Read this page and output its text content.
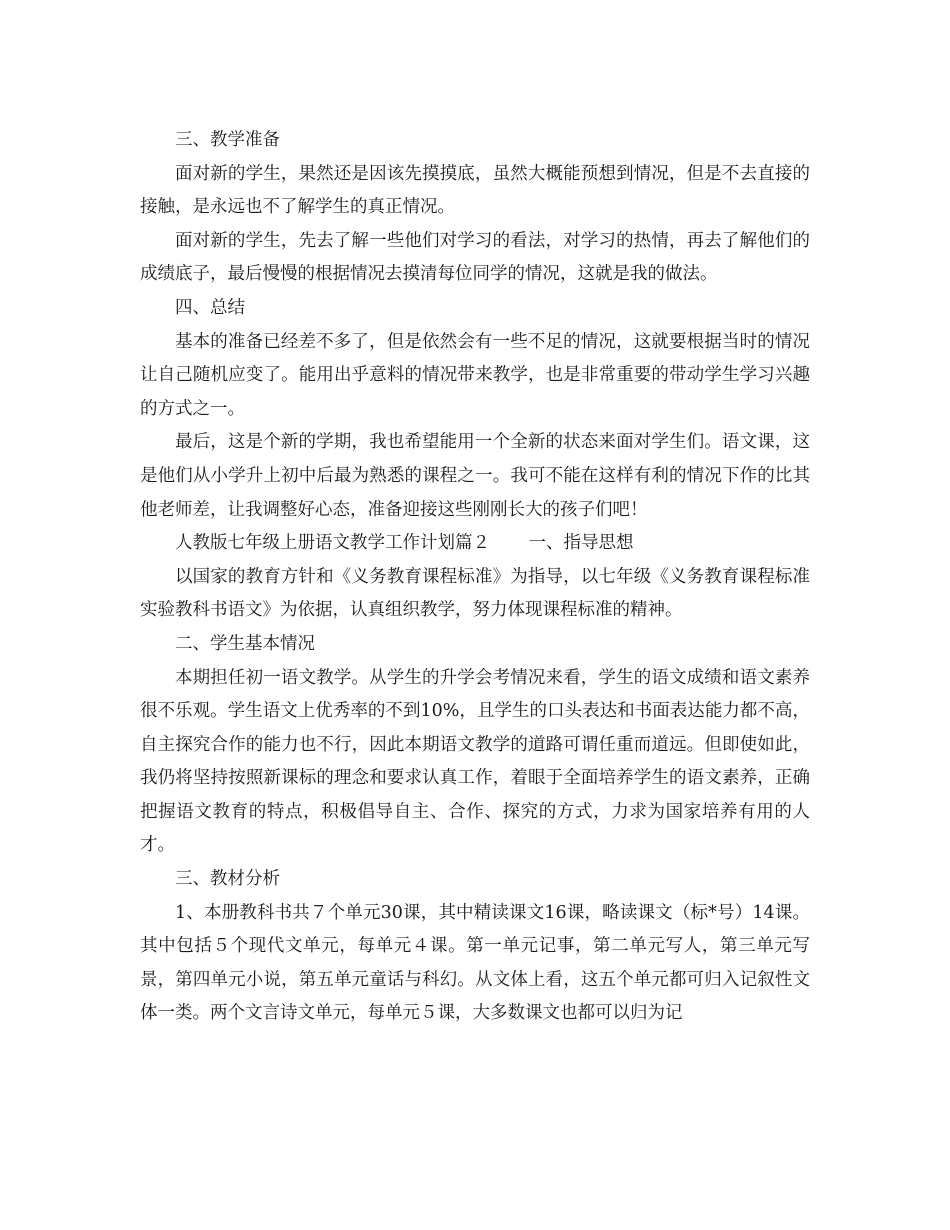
三、教学准备

面对新的学生，果然还是因该先摸摸底，虽然大概能预想到情况，但是不去直接的接触，是永远也不了解学生的真正情况。

面对新的学生，先去了解一些他们对学习的看法，对学习的热情，再去了解他们的成绩底子，最后慢慢的根据情况去摸清每位同学的情况，这就是我的做法。

四、总结

基本的准备已经差不多了，但是依然会有一些不足的情况，这就要根据当时的情况让自己随机应变了。能用出乎意料的情况带来教学，也是非常重要的带动学生学习兴趣的方式之一。

最后，这是个新的学期，我也希望能用一个全新的状态来面对学生们。语文课，这是他们从小学升上初中后最为熟悉的课程之一。我可不能在这样有利的情况下作的比其他老师差，让我调整好心态，准备迎接这些刚刚长大的孩子们吧！

人教版七年级上册语文教学工作计划篇２ 一、指导思想

以国家的教育方针和《义务教育课程标准》为指导，以七年级《义务教育课程标准实验教科书语文》为依据，认真组织教学，努力体现课程标准的精神。

二、学生基本情况

本期担任初一语文教学。从学生的升学会考情况来看，学生的语文成绩和语文素养很不乐观。学生语文上优秀率的不到10%，且学生的口头表达和书面表达能力都不高，自主探究合作的能力也不行，因此本期语文教学的道路可谓任重而道远。但即使如此，我仍将坚持按照新课标的理念和要求认真工作，着眼于全面培养学生的语文素养，正确把握语文教育的特点，积极倡导自主、合作、探究的方式，力求为国家培养有用的人才。

三、教材分析

1、本册教科书共７个单元30课，其中精读课文16课，略读课文（标*号）14课。其中包括５个现代文单元，每单元４课。第一单元记事，第二单元写人，第三单元写景，第四单元小说，第五单元童话与科幻。从文体上看，这五个单元都可归入记叙性文体一类。两个文言诗文单元，每单元５课，大多数课文也都可以归为记
